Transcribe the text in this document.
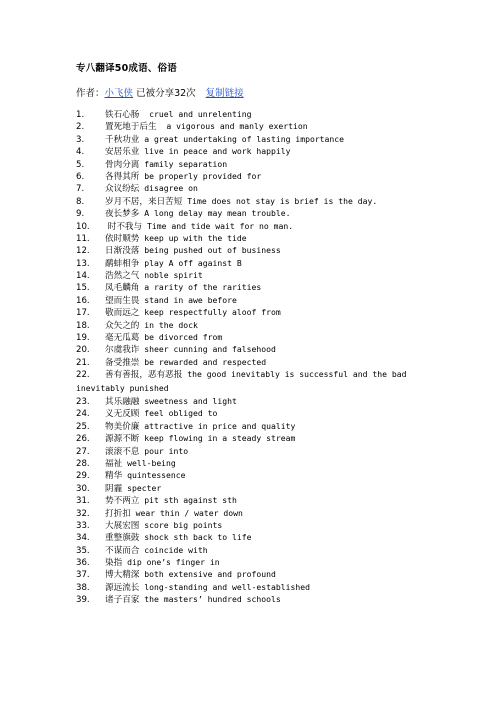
专八翻译50成语、俗语
作者：小飞侠 已被分享32次 复制链接
1. 铁石心肠  cruel and unrelenting
2. 置死地于后生  a vigorous and manly exertion
3. 千秋功业 a great undertaking of lasting importance
4. 安居乐业 live in peace and work happily
5. 骨肉分离 family separation
6. 各得其所 be properly provided for
7. 众议纷纭 disagree on
8. 岁月不居，来日苦短 Time does not stay is brief is the day.
9. 夜长梦多 A long delay may mean trouble.
10. 时不我与 Time and tide wait for no man.
11. 依时顺势 keep up with the tide
12. 日渐没落 being pushed out of business
13. 鹬蚌相争 play A off against B
14. 浩然之气 noble spirit
15. 凤毛麟角 a rarity of the rarities
16. 望而生畏 stand in awe before
17. 敬而远之 keep respectfully aloof from
18. 众矢之的 in the dock
19. 毫无瓜葛 be divorced from
20. 尔虞我诈 sheer cunning and falsehood
21. 备受推崇 be rewarded and respected
22. 善有善报，恶有恶报 the good inevitably is successful and the bad inevitably punished
23. 其乐融融 sweetness and light
24. 义无反顾 feel obliged to
25. 物美价廉 attractive in price and quality
26. 源源不断 keep flowing in a steady stream
27. 滚滚不息 pour into
28. 福祉 well-being
29. 精华 quintessence
30. 阴霾 specter
31. 势不两立 pit sth against sth
32. 打折扣 wear thin / water down
33. 大展宏图 score big points
34. 重整旗鼓 shock sth back to life
35. 不谋而合 coincide with
36. 染指 dip one’s finger in
37. 博大精深 both extensive and profound
38. 源远流长 long-standing and well-established
39. 诸子百家 the masters’ hundred schools
